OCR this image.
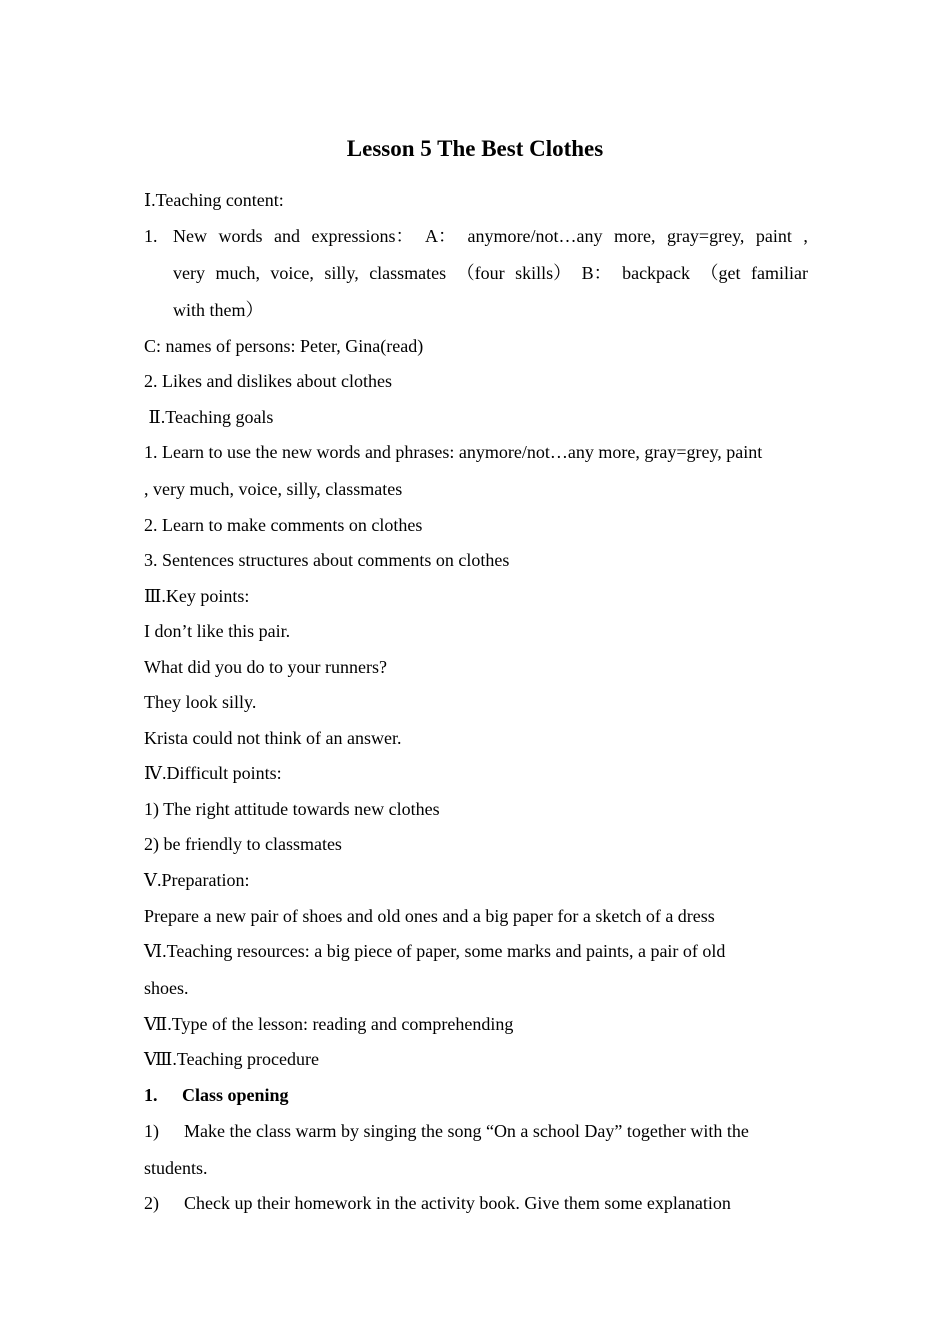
Lesson 5 The Best Clothes
Ⅰ.Teaching content:
1. New words and expressions： A： anymore/not…any more, gray=grey, paint ,
very much, voice, silly, classmates （four skills） B： backpack （get familiar
with them）
C: names of persons: Peter, Gina(read)
2. Likes and dislikes about clothes
Ⅱ.Teaching goals
1. Learn to use the new words and phrases: anymore/not…any more, gray=grey, paint
, very much, voice, silly, classmates
2. Learn to make comments on clothes
3. Sentences structures about comments on clothes
Ⅲ.Key points:
I don’t like this pair.
What did you do to your runners?
They look silly.
Krista could not think of an answer.
Ⅳ.Difficult points:
1) The right attitude towards new clothes
2) be friendly to classmates
Ⅴ.Preparation:
Prepare a new pair of shoes and old ones and a big paper for a sketch of a dress
Ⅵ.Teaching resources: a big piece of paper, some marks and paints, a pair of old
shoes.
Ⅶ.Type of the lesson: reading and comprehending
Ⅷ.Teaching procedure
1. Class opening
1) Make the class warm by singing the song “On a school Day” together with the
students.
2) Check up their homework in the activity book. Give them some explanation
